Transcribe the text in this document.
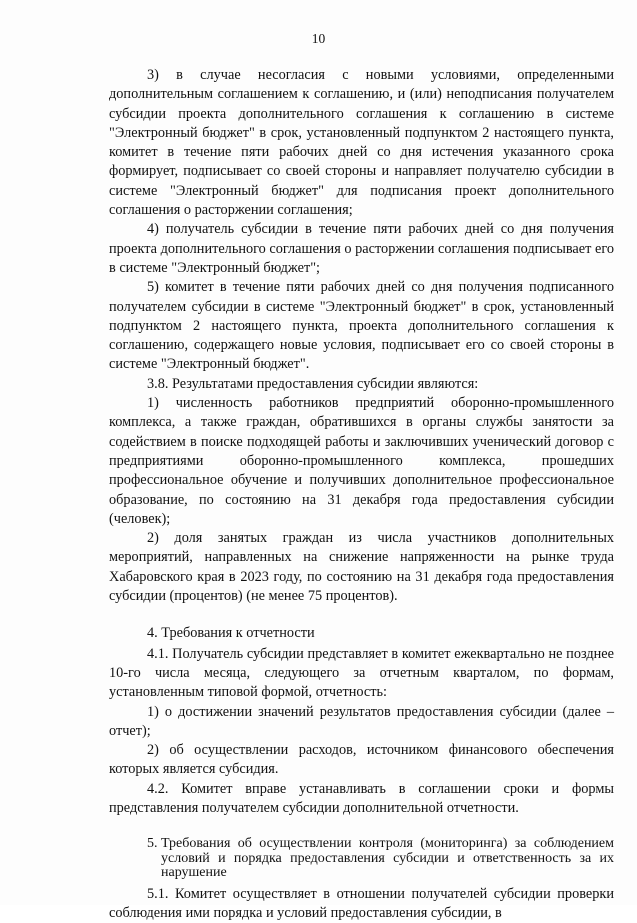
10

3) в случае несогласия с новыми условиями, определенными дополнительным соглашением к соглашению, и (или) неподписания получателем субсидии проекта дополнительного соглашения к соглашению в системе "Электронный бюджет" в срок, установленный подпунктом 2 настоящего пункта, комитет в течение пяти рабочих дней со дня истечения указанного срока формирует, подписывает со своей стороны и направляет получателю субсидии в системе "Электронный бюджет" для подписания проект дополнительного соглашения о расторжении соглашения;

4) получатель субсидии в течение пяти рабочих дней со дня получения проекта дополнительного соглашения о расторжении соглашения подписывает его в системе "Электронный бюджет";

5) комитет в течение пяти рабочих дней со дня получения подписанного получателем субсидии в системе "Электронный бюджет" в срок, установленный подпунктом 2 настоящего пункта, проекта дополнительного соглашения к соглашению, содержащего новые условия, подписывает его со своей стороны в системе "Электронный бюджет".

3.8. Результатами предоставления субсидии являются:

1) численность работников предприятий оборонно-промышленного комплекса, а также граждан, обратившихся в органы службы занятости за содействием в поиске подходящей работы и заключивших ученический договор с предприятиями оборонно-промышленного комплекса, прошедших профессиональное обучение и получивших дополнительное профессиональное образование, по состоянию на 31 декабря года предоставления субсидии (человек);

2) доля занятых граждан из числа участников дополнительных мероприятий, направленных на снижение напряженности на рынке труда Хабаровского края в 2023 году, по состоянию на 31 декабря года предоставления субсидии (процентов) (не менее 75 процентов).

4. Требования к отчетности

4.1. Получатель субсидии представляет в комитет ежеквартально не позднее 10-го числа месяца, следующего за отчетным кварталом, по формам, установленным типовой формой, отчетность:

1) о достижении значений результатов предоставления субсидии (далее – отчет);

2) об осуществлении расходов, источником финансового обеспечения которых является субсидия.

4.2. Комитет вправе устанавливать в соглашении сроки и формы представления получателем субсидии дополнительной отчетности.

5. Требования об осуществлении контроля (мониторинга) за соблюдением условий и порядка предоставления субсидии и ответственность за их нарушение

5.1. Комитет осуществляет в отношении получателей субсидии проверки соблюдения ими порядка и условий предоставления субсидии, в
